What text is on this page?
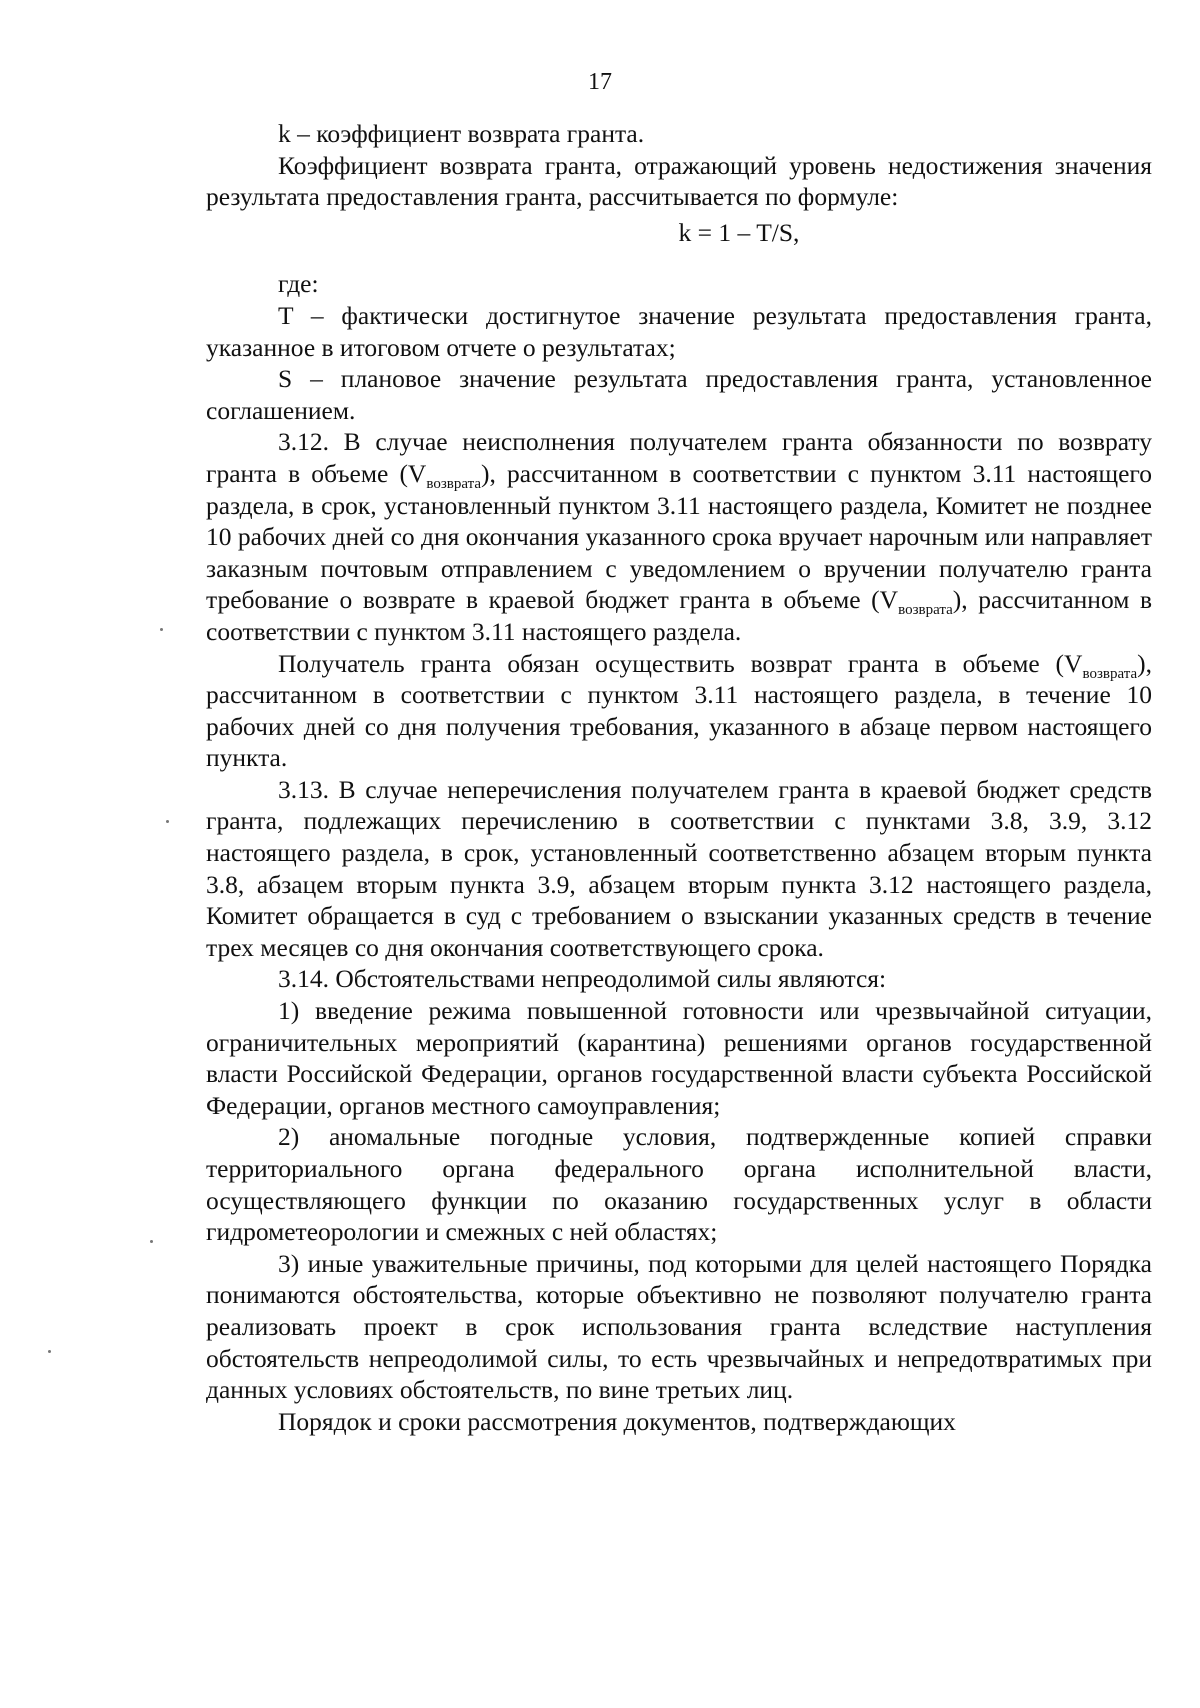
17

k – коэффициент возврата гранта.

Коэффициент возврата гранта, отражающий уровень недостижения значения результата предоставления гранта, рассчитывается по формуле:

k = 1 – T/S,

где:

T – фактически достигнутое значение результата предоставления гранта, указанное в итоговом отчете о результатах;

S – плановое значение результата предоставления гранта, установленное соглашением.

3.12. В случае неисполнения получателем гранта обязанности по возврату гранта в объеме $(V_{возврата})$, рассчитанном в соответствии с пунктом 3.11 настоящего раздела, в срок, установленный пунктом 3.11 настоящего раздела, Комитет не позднее 10 рабочих дней со дня окончания указанного срока вручает нарочным или направляет заказным почтовым отправлением с уведомлением о вручении получателю гранта требование о возврате в краевой бюджет гранта в объеме $(V_{возврата})$, рассчитанном в соответствии с пунктом 3.11 настоящего раздела.

Получатель гранта обязан осуществить возврат гранта в объеме $(V_{возврата})$, рассчитанном в соответствии с пунктом 3.11 настоящего раздела, в течение 10 рабочих дней со дня получения требования, указанного в абзаце первом настоящего пункта.

3.13. В случае неперечисления получателем гранта в краевой бюджет средств гранта, подлежащих перечислению в соответствии с пунктами 3.8, 3.9, 3.12 настоящего раздела, в срок, установленный соответственно абзацем вторым пункта 3.8, абзацем вторым пункта 3.9, абзацем вторым пункта 3.12 настоящего раздела, Комитет обращается в суд с требованием о взыскании указанных средств в течение трех месяцев со дня окончания соответствующего срока.

3.14. Обстоятельствами непреодолимой силы являются:

1) введение режима повышенной готовности или чрезвычайной ситуации, ограничительных мероприятий (карантина) решениями органов государственной власти Российской Федерации, органов государственной власти субъекта Российской Федерации, органов местного самоуправления;

2) аномальные погодные условия, подтвержденные копией справки территориального органа федерального органа исполнительной власти, осуществляющего функции по оказанию государственных услуг в области гидрометеорологии и смежных с ней областях;

3) иные уважительные причины, под которыми для целей настоящего Порядка понимаются обстоятельства, которые объективно не позволяют получателю гранта реализовать проект в срок использования гранта вследствие наступления обстоятельств непреодолимой силы, то есть чрезвычайных и непредотвратимых при данных условиях обстоятельств, по вине третьих лиц.

Порядок и сроки рассмотрения документов, подтверждающих
